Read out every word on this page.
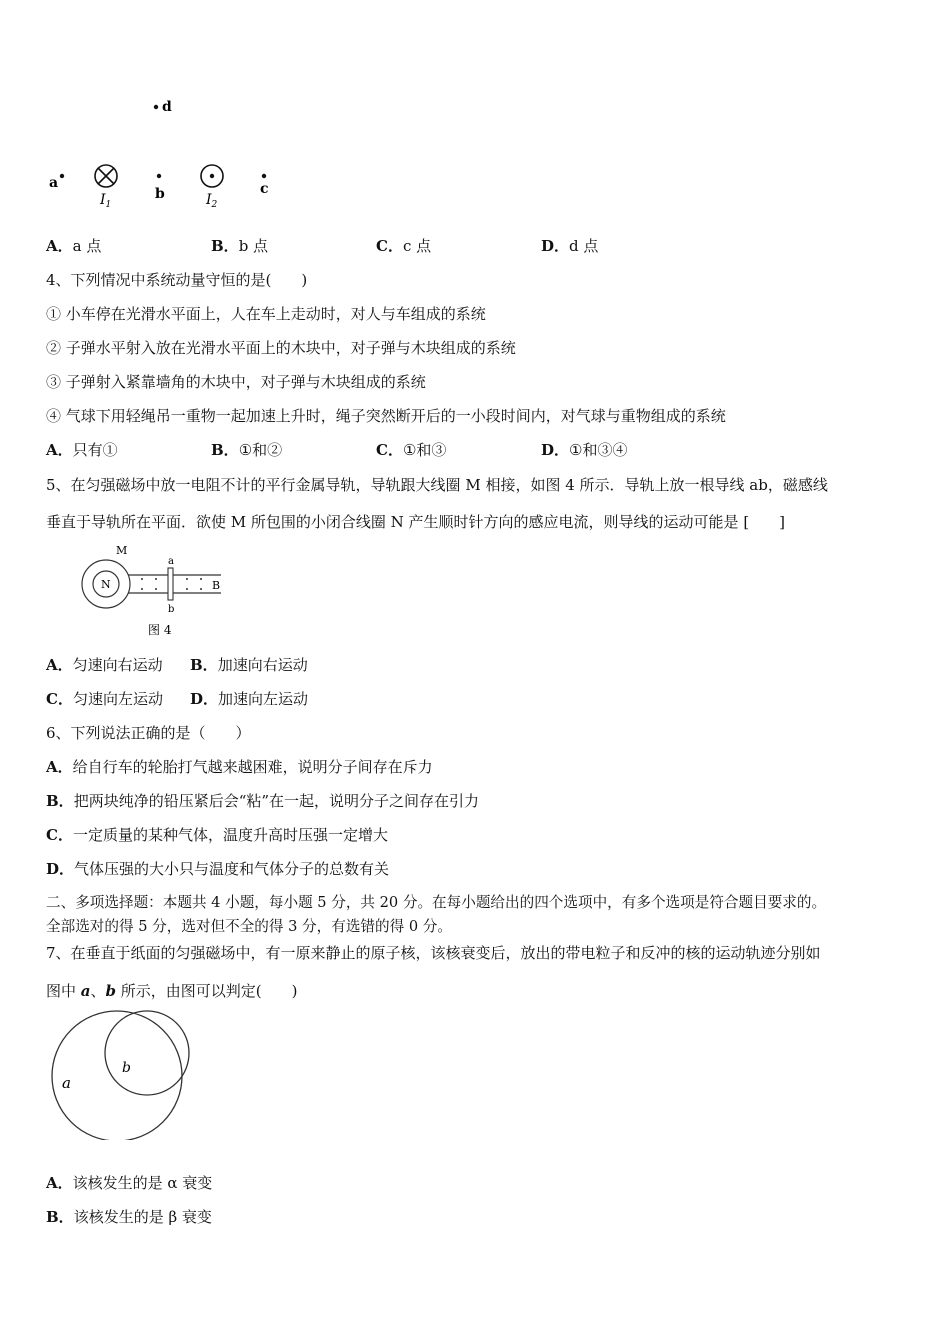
d
a
$I_1$
b	$I_2$
c
A．a 点	B．b 点	C．c 点	D．d 点
4、下列情况中系统动量守恒的是(　　)
① 小车停在光滑水平面上，人在车上走动时，对人与车组成的系统
② 子弹水平射入放在光滑水平面上的木块中，对子弹与木块组成的系统
③ 子弹射入紧靠墙角的木块中，对子弹与木块组成的系统
④ 气球下用轻绳吊一重物一起加速上升时，绳子突然断开后的一小段时间内，对气球与重物组成的系统
A．只有①	B．①和②	C．①和③	D．①和③④
5、在匀强磁场中放一电阻不计的平行金属导轨，导轨跟大线圈 M 相接，如图 4 所示．导轨上放一根导线 ab，磁感线
垂直于导轨所在平面．欲使 M 所包围的小闭合线圈 N 产生顺时针方向的感应电流，则导线的运动可能是 [　　]
M
N
a
b
B
图 4
A．匀速向右运动 B．加速向右运动
C．匀速向左运动 D．加速向左运动
6、下列说法正确的是（　　）
A．给自行车的轮胎打气越来越困难，说明分子间存在斥力
B．把两块纯净的铅压紧后会“粘”在一起，说明分子之间存在引力
C．一定质量的某种气体，温度升高时压强一定增大
D．气体压强的大小只与温度和气体分子的总数有关
二、多项选择题：本题共 4 小题，每小题 5 分，共 20 分。在每小题给出的四个选项中，有多个选项是符合题目要求的。
全部选对的得 5 分，选对但不全的得 3 分，有选错的得 0 分。
7、在垂直于纸面的匀强磁场中，有一原来静止的原子核，该核衰变后，放出的带电粒子和反冲的核的运动轨迹分别如
图中 a、b 所示，由图可以判定(　　)
a
b
A．该核发生的是 α 衰变
B．该核发生的是 β 衰变
